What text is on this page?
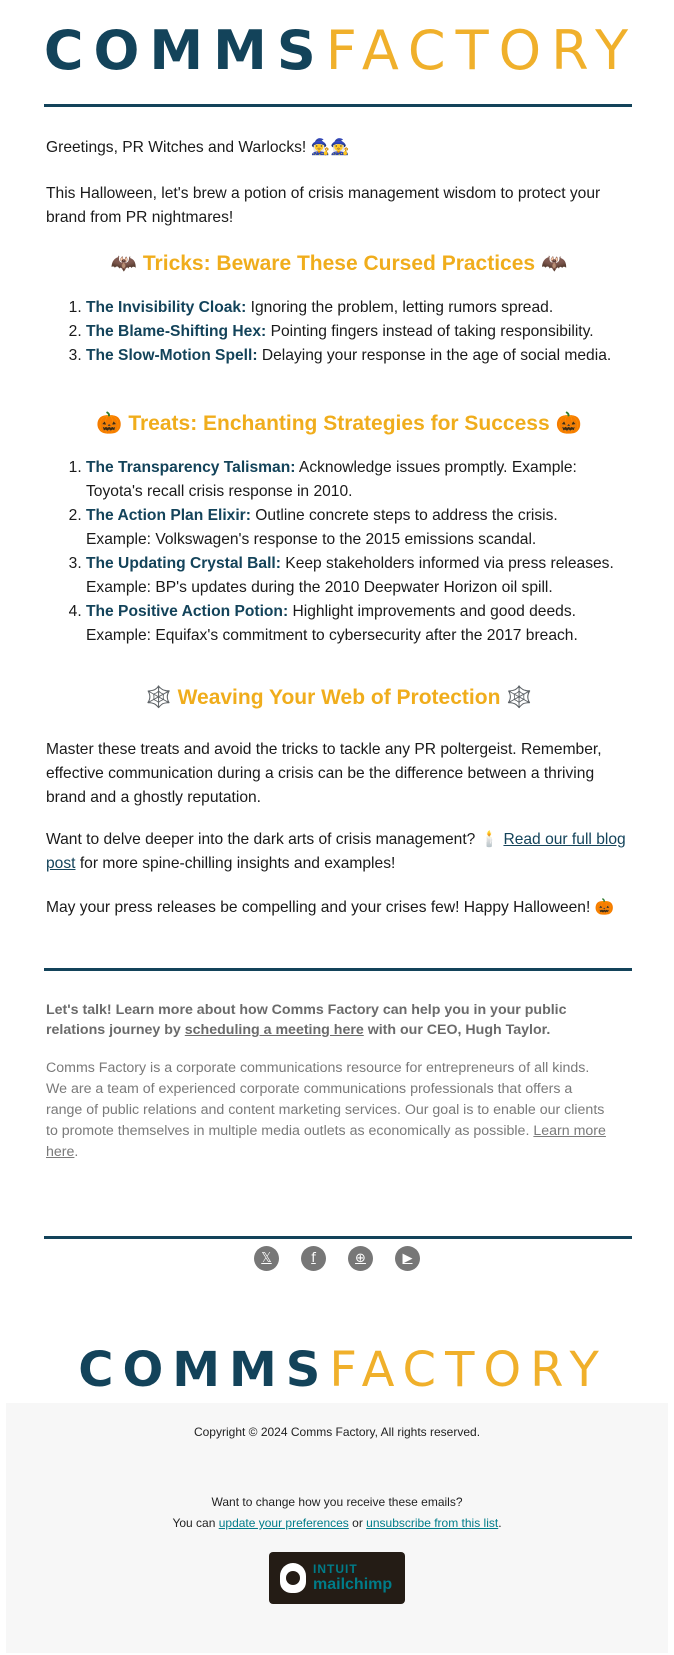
COMMSFACTORY

Greetings, PR Witches and Warlocks! 🧙‍♀️🧙‍♀️

This Halloween, let's brew a potion of crisis management wisdom to protect your brand from PR nightmares!

🦇 Tricks: Beware These Cursed Practices 🦇
1. The Invisibility Cloak: Ignoring the problem, letting rumors spread.
2. The Blame-Shifting Hex: Pointing fingers instead of taking responsibility.
3. The Slow-Motion Spell: Delaying your response in the age of social media.
🎃 Treats: Enchanting Strategies for Success 🎃
1. The Transparency Talisman: Acknowledge issues promptly. Example: Toyota's recall crisis response in 2010.
2. The Action Plan Elixir: Outline concrete steps to address the crisis. Example: Volkswagen's response to the 2015 emissions scandal.
3. The Updating Crystal Ball: Keep stakeholders informed via press releases. Example: BP's updates during the 2010 Deepwater Horizon oil spill.
4. The Positive Action Potion: Highlight improvements and good deeds. Example: Equifax's commitment to cybersecurity after the 2017 breach.
🕸️ Weaving Your Web of Protection 🕸️

Master these treats and avoid the tricks to tackle any PR poltergeist. Remember, effective communication during a crisis can be the difference between a thriving brand and a ghostly reputation.

Want to delve deeper into the dark arts of crisis management? 🕯️ Read our full blog post for more spine-chilling insights and examples!

May your press releases be compelling and your crises few! Happy Halloween! 🎃

Let's talk! Learn more about how Comms Factory can help you in your public relations journey by scheduling a meeting here with our CEO, Hugh Taylor.

Comms Factory is a corporate communications resource for entrepreneurs of all kinds. We are a team of experienced corporate communications professionals that offers a range of public relations and content marketing services. Our goal is to enable our clients to promote themselves in multiple media outlets as economically as possible. Learn more here.

𝕏	f	⊕	▶
COMMSFACTORY

Copyright © 2024 Comms Factory, All rights reserved.

Want to change how you receive these emails?

You can update your preferences or unsubscribe from this list.

INTUIT
mailchimp
